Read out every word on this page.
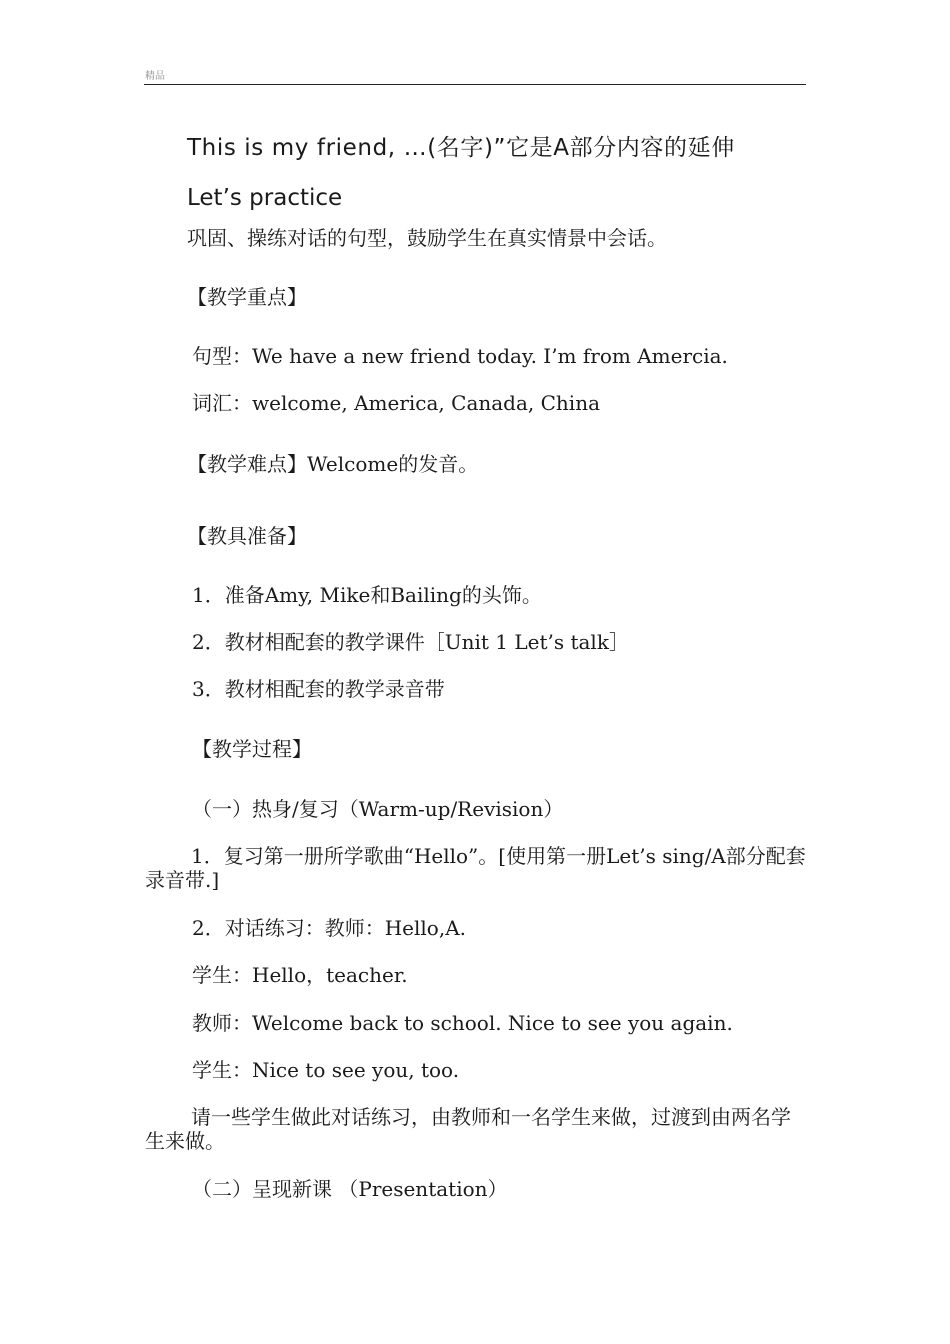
精品
This is my friend, …(名字)”它是A部分内容的延伸
Let’s practice
巩固、操练对话的句型，鼓励学生在真实情景中会话。
【教学重点】
句型：We have a new friend today. I’m from Amercia.
词汇：welcome, America, Canada, China
【教学难点】Welcome的发音。
【教具准备】
1．准备Amy, Mike和Bailing的头饰。
2．教材相配套的教学课件［Unit 1 Let’s talk］
3．教材相配套的教学录音带
【教学过程】
（一）热身/复习（Warm-up/Revision）
1．复习第一册所学歌曲“Hello”。[使用第一册Let’s sing/A部分配套录音带.]
2．对话练习：教师：Hello,A.
学生：Hello，teacher.
教师：Welcome back to school. Nice to see you again.
学生：Nice to see you, too.
请一些学生做此对话练习，由教师和一名学生来做，过渡到由两名学生来做。
（二）呈现新课 （Presentation）
